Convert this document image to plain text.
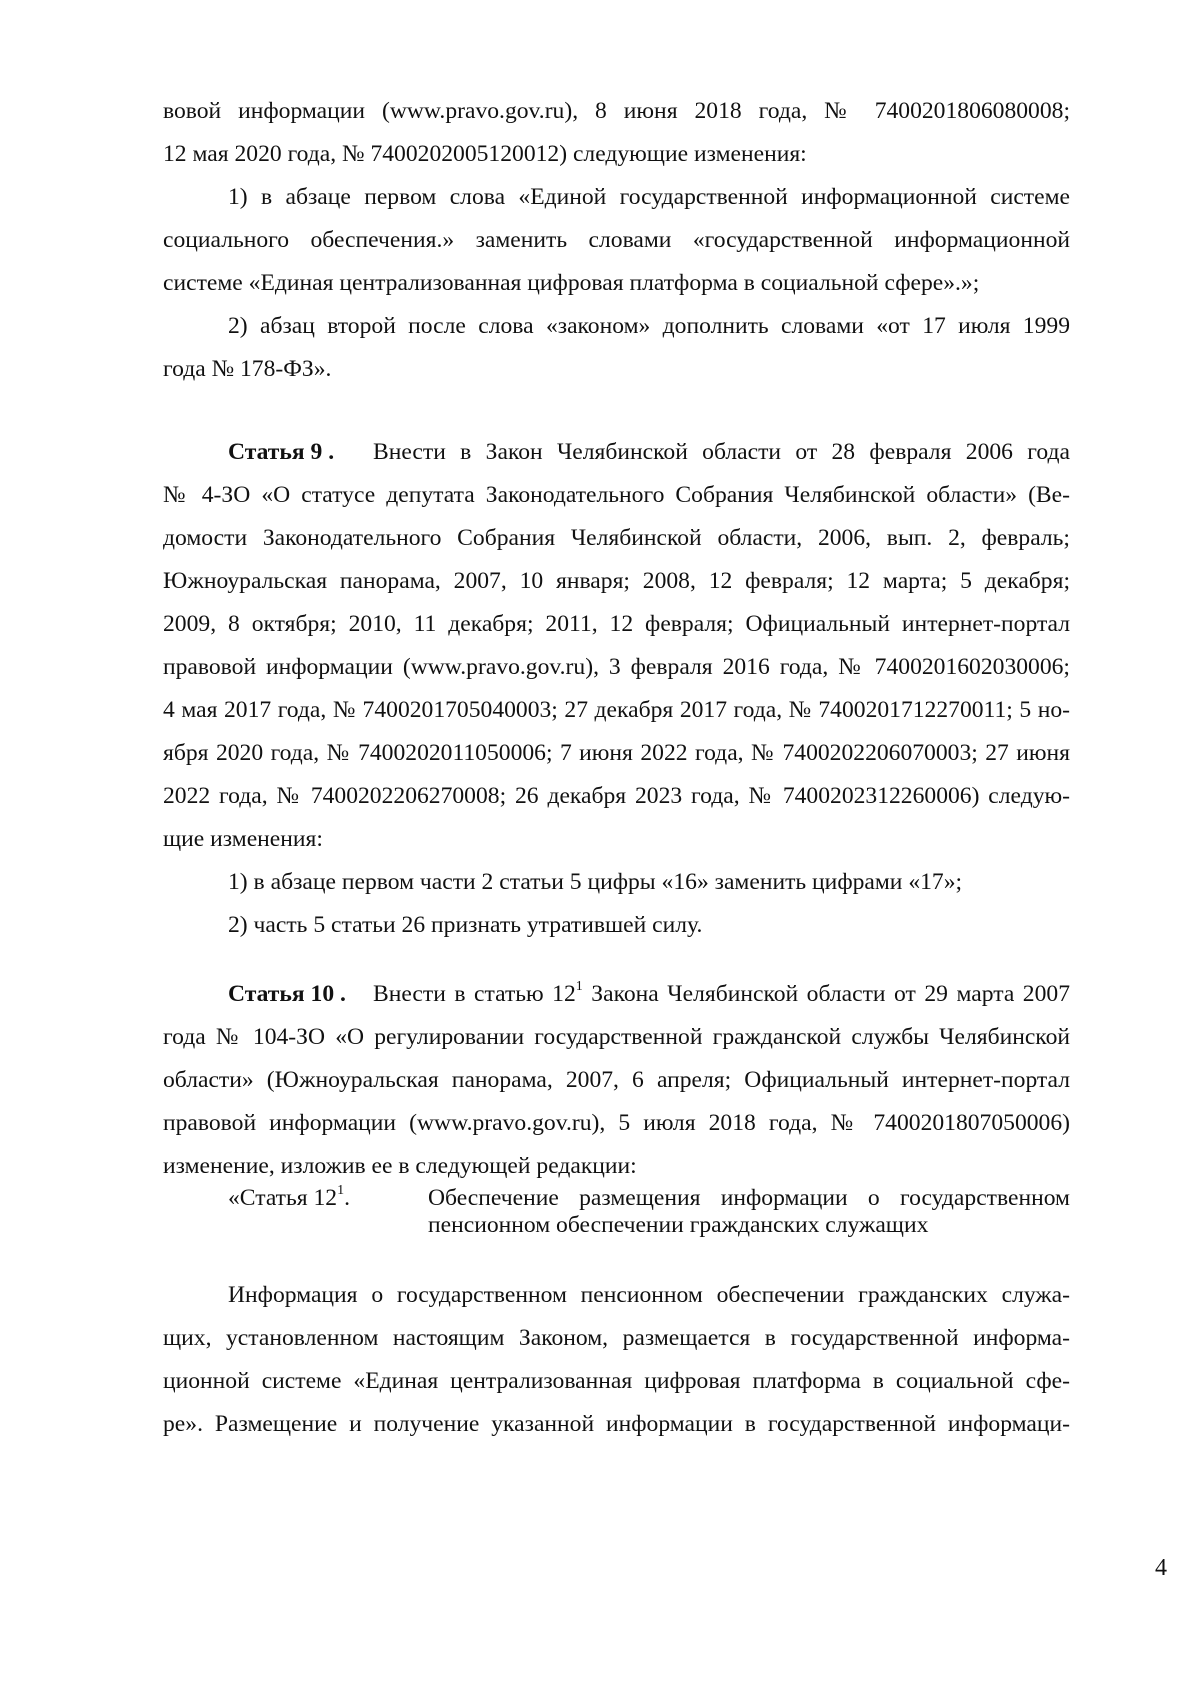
вовой информации (www.pravo.gov.ru), 8 июня 2018 года, № 7400201806080008;
12 мая 2020 года, № 7400202005120012) следующие изменения:
1) в абзаце первом слова «Единой государственной информационной системе
социального обеспечения.» заменить словами «государственной информационной
системе «Единая централизованная цифровая платформа в социальной сфере».»;
2) абзац второй после слова «законом» дополнить словами «от 17 июля 1999
года № 178-ФЗ».
Статья 9 . Внести в Закон Челябинской области от 28 февраля 2006 года
№ 4-ЗО «О статусе депутата Законодательного Собрания Челябинской области» (Ве-
домости Законодательного Собрания Челябинской области, 2006, вып. 2, февраль;
Южноуральская панорама, 2007, 10 января; 2008, 12 февраля; 12 марта; 5 декабря;
2009, 8 октября; 2010, 11 декабря; 2011, 12 февраля; Официальный интернет-портал
правовой информации (www.pravo.gov.ru), 3 февраля 2016 года, № 7400201602030006;
4 мая 2017 года, № 7400201705040003; 27 декабря 2017 года, № 7400201712270011; 5 но-
ября 2020 года, № 7400202011050006; 7 июня 2022 года, № 7400202206070003; 27 июня
2022 года, № 7400202206270008; 26 декабря 2023 года, № 7400202312260006) следую-
щие изменения:
1) в абзаце первом части 2 статьи 5 цифры «16» заменить цифрами «17»;
2) часть 5 статьи 26 признать утратившей силу.
Статья 10 . Внести в статью $12^1$ Закона Челябинской области от 29 марта 2007
года № 104-ЗО «О регулировании государственной гражданской службы Челябинской
области» (Южноуральская панорама, 2007, 6 апреля; Официальный интернет-портал
правовой информации (www.pravo.gov.ru), 5 июля 2018 года, № 7400201807050006)
изменение, изложив ее в следующей редакции:
«Статья $12^1$.	Обеспечение размещения информации о государственном
пенсионном обеспечении гражданских служащих
Информация о государственном пенсионном обеспечении гражданских служа-
щих, установленном настоящим Законом, размещается в государственной информа-
ционной системе «Единая централизованная цифровая платформа в социальной сфе-
ре». Размещение и получение указанной информации в государственной информаци-
4
